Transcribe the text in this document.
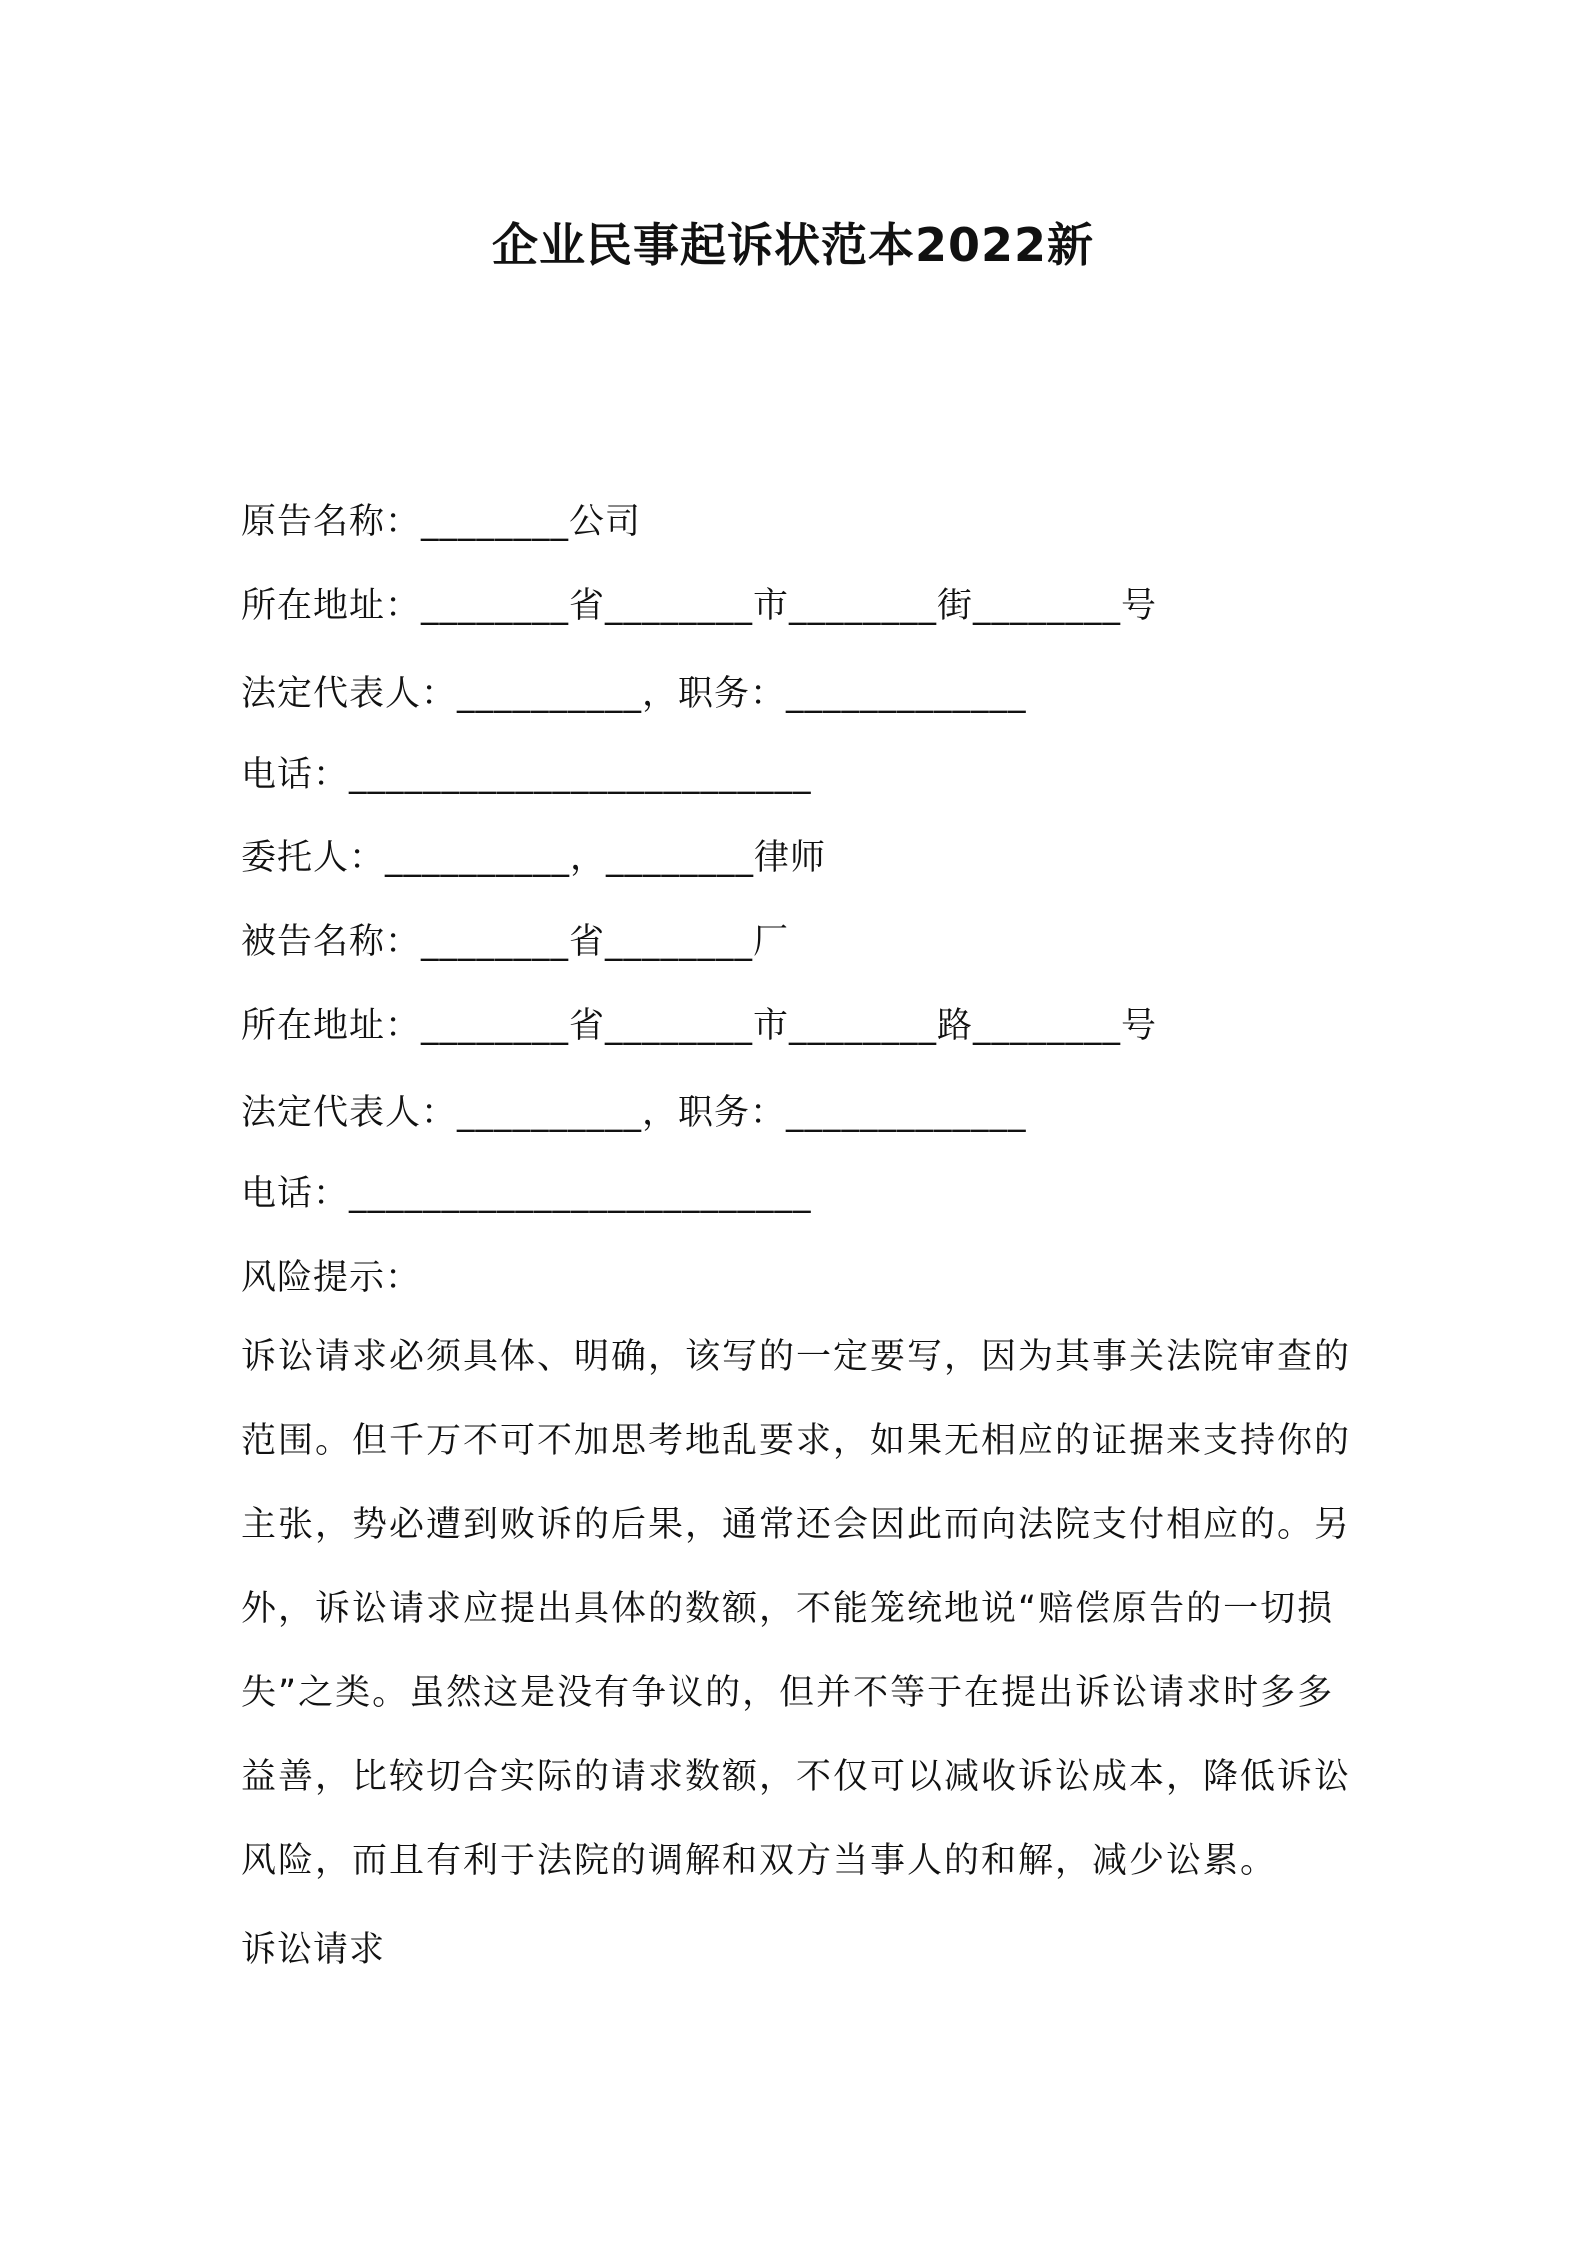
企业民事起诉状范本2022新
原告名称：________公司
所在地址：________省________市________街________号
法定代表人：__________，职务：_____________
电话：_________________________
委托人：__________，________律师
被告名称：________省________厂
所在地址：________省________市________路________号
法定代表人：__________，职务：_____________
电话：_________________________
风险提示：
诉讼请求必须具体、明确，该写的一定要写，因为其事关法院审查的范围。但千万不可不加思考地乱要求，如果无相应的证据来支持你的主张，势必遭到败诉的后果，通常还会因此而向法院支付相应的。另外，诉讼请求应提出具体的数额，不能笼统地说“赔偿原告的一切损失”之类。虽然这是没有争议的，但并不等于在提出诉讼请求时多多益善，比较切合实际的请求数额，不仅可以减收诉讼成本，降低诉讼风险，而且有利于法院的调解和双方当事人的和解，减少讼累。
诉讼请求
